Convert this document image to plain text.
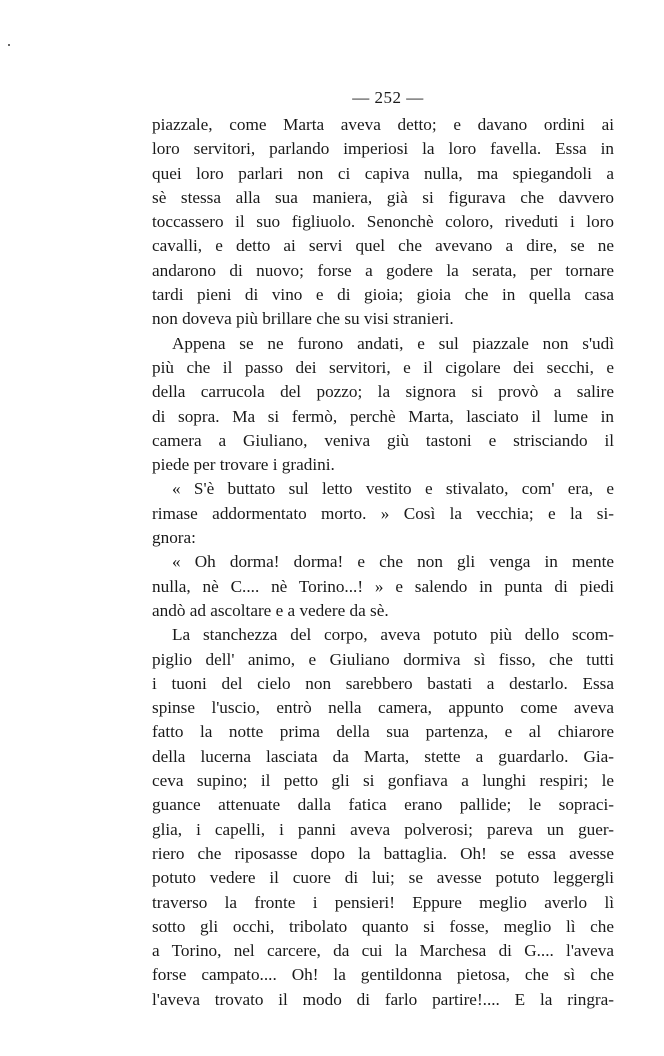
— 252 —
piazzale, come Marta aveva detto; e davano ordini ai
loro servitori, parlando imperiosi la loro favella. Essa in
quei loro parlari non ci capiva nulla, ma spiegandoli a
sè stessa alla sua maniera, già si figurava che davvero
toccassero il suo figliuolo. Senonchè coloro, riveduti i loro
cavalli, e detto ai servi quel che avevano a dire, se ne
andarono di nuovo; forse a godere la serata, per tornare
tardi pieni di vino e di gioia; gioia che in quella casa
non doveva più brillare che su visi stranieri.
Appena se ne furono andati, e sul piazzale non s'udì
più che il passo dei servitori, e il cigolare dei secchi, e
della carrucola del pozzo; la signora si provò a salire
di sopra. Ma si fermò, perchè Marta, lasciato il lume in
camera a Giuliano, veniva giù tastoni e strisciando il
piede per trovare i gradini.
« S'è buttato sul letto vestito e stivalato, com' era, e
rimase addormentato morto. » Così la vecchia; e la si-
gnora:
« Oh dorma! dorma! e che non gli venga in mente
nulla, nè C.... nè Torino...! » e salendo in punta di piedi
andò ad ascoltare e a vedere da sè.
La stanchezza del corpo, aveva potuto più dello scom-
piglio dell' animo, e Giuliano dormiva sì fisso, che tutti
i tuoni del cielo non sarebbero bastati a destarlo. Essa
spinse l'uscio, entrò nella camera, appunto come aveva
fatto la notte prima della sua partenza, e al chiarore
della lucerna lasciata da Marta, stette a guardarlo. Gia-
ceva supino; il petto gli si gonfiava a lunghi respiri; le
guance attenuate dalla fatica erano pallide; le sopraci-
glia, i capelli, i panni aveva polverosi; pareva un guer-
riero che riposasse dopo la battaglia. Oh! se essa avesse
potuto vedere il cuore di lui; se avesse potuto leggergli
traverso la fronte i pensieri! Eppure meglio averlo lì
sotto gli occhi, tribolato quanto si fosse, meglio lì che
a Torino, nel carcere, da cui la Marchesa di G.... l'aveva
forse campato.... Oh! la gentildonna pietosa, che sì che
l'aveva trovato il modo di farlo partire!.... E la ringra-
